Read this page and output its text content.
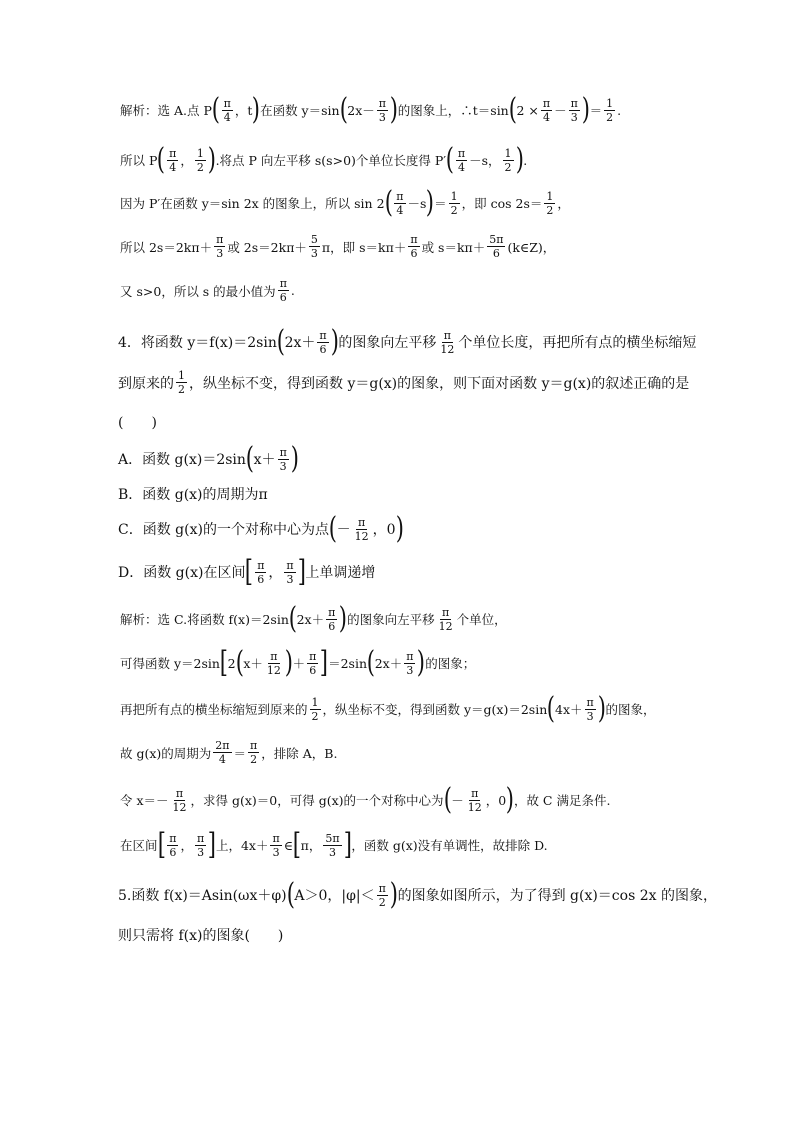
解析：选 A.点 P ( $\frac{\pi}{4}$ ，t ) 在函数 y＝sin ( $2x- \frac{\pi}{3}$ ) 的图象上，∴t＝sin ( $2 \times \frac{\pi}{4} - \frac{\pi}{3}$ ) ＝ $\frac{1}{2}$ .
所以 P ( $\frac{\pi}{4}$ ， $\frac{1}{2}$ ) .将点 P 向左平移 s(s>0)个单位长度得 P′ ( $\frac{\pi}{4} -s$， $\frac{1}{2}$ ) .
因为 P′在函数 y＝sin 2x 的图象上，所以 sin 2 ( $\frac{\pi}{4} -s$ ) ＝ $\frac{1}{2}$ ，即 $\cos 2s= \frac{1}{2}$ ，
所以 $2s=2k\pi+ \frac{\pi}{3}$ 或 $2s=2k\pi+ \frac{5}{3}$ π，即 $s=k\pi+ \frac{\pi}{6}$ 或 $s=k\pi+ \frac{5\pi}{6}$ (k∈Z)，
又 s>0，所以 s 的最小值为 $\frac{\pi}{6}$ .
4．将函数 y＝f(x)＝2sin ( $2x+ \frac{\pi}{6}$ ) 的图象向左平移 $\frac{\pi}{12}$ 个单位长度，再把所有点的横坐标缩短
到原来的 $\frac{1}{2}$ ，纵坐标不变，得到函数 y＝g(x)的图象，则下面对函数 y＝g(x)的叙述正确的是
(　　)
A．函数 g(x)＝2sin ( $x+ \frac{\pi}{3}$ )
B．函数 g(x)的周期为π
C．函数 g(x)的一个对称中心为点 ( － $\frac{\pi}{12}$ ，0 )
D．函数 g(x)在区间 [ $\frac{\pi}{6}$ ， $\frac{\pi}{3}$ ] 上单调递增
解析：选 C.将函数 f(x)＝2sin ( $2x+ \frac{\pi}{6}$ ) 的图象向左平移 $\frac{\pi}{12}$ 个单位，
可得函数 y＝2sin [ 2 ( $x+ \frac{\pi}{12}$ ) ＋ $\frac{\pi}{6}$ ] ＝2sin ( $2x+ \frac{\pi}{3}$ ) 的图象；
再把所有点的横坐标缩短到原来的 $\frac{1}{2}$ ，纵坐标不变，得到函数 y＝g(x)＝2sin ( $4x+ \frac{\pi}{3}$ ) 的图象，
故 g(x)的周期为 $\frac{2\pi}{4} = \frac{\pi}{2}$ ，排除 A，B.
令 $x=- \frac{\pi}{12}$ ，求得 g(x)＝0，可得 g(x)的一个对称中心为 ( － $\frac{\pi}{12}$ ，0 ) ，故 C 满足条件.
在区间 [ $\frac{\pi}{6}$ ， $\frac{\pi}{3}$ ] 上，$4x+ \frac{\pi}{3}$ ∈ [ π， $\frac{5\pi}{3}$ ] ，函数 g(x)没有单调性，故排除 D.
5.函数 f(x)＝Asin(ωx＋φ) ( A＞0，$|\varphi|< \frac{\pi}{2}$ ) 的图象如图所示，为了得到 g(x)＝cos 2x 的图象，
则只需将 f(x)的图象(　　)
